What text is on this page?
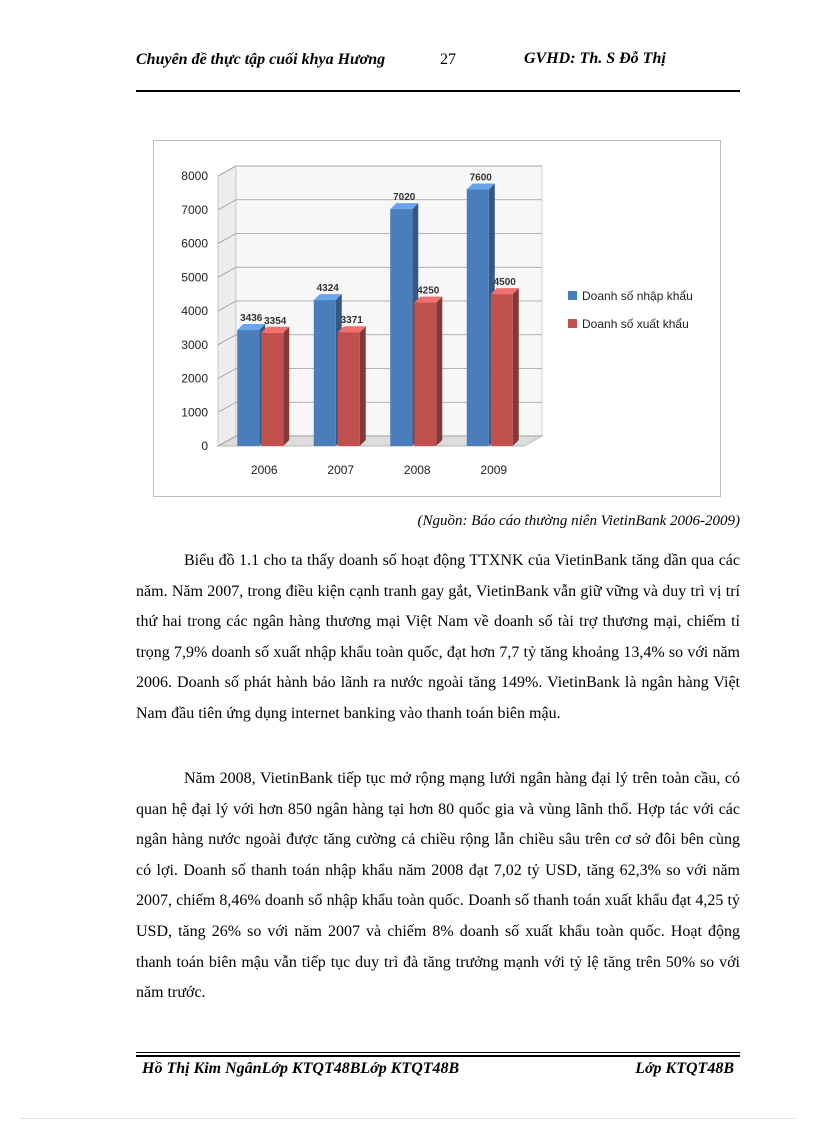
Chuyên đề thực tập cuối khya Hương	27	GVHD: Th. S Đỗ Thị
0
1000
2000
3000
4000
5000
6000
7000
8000
3436 3354
2006
4324
3371
2007
7020
4250
2008
7600
4500
2009
Doanh số nhập khẩu
Doanh số xuất khẩu
(Nguồn: Báo cáo thường niên VietinBank 2006-2009)

Biểu đồ 1.1 cho ta thấy doanh số hoạt động TTXNK của VietinBank tăng dần qua các năm. Năm 2007, trong điều kiện cạnh tranh gay gắt, VietinBank vẫn giữ vững và duy trì vị trí thứ hai trong các ngân hàng thương mại Việt Nam về doanh số tài trợ thương mại, chiếm tỉ trọng 7,9% doanh số xuất nhập khẩu toàn quốc, đạt hơn 7,7 tỷ tăng khoảng 13,4% so với năm 2006. Doanh số phát hành bảo lãnh ra nước ngoài tăng 149%. VietinBank là ngân hàng Việt Nam đầu tiên ứng dụng internet banking vào thanh toán biên mậu.

Năm 2008, VietinBank tiếp tục mở rộng mạng lưới ngân hàng đại lý trên toàn cầu, có quan hệ đại lý với hơn 850 ngân hàng tại hơn 80 quốc gia và vùng lãnh thổ. Hợp tác với các ngân hàng nước ngoài được tăng cường cả chiều rộng lẫn chiều sâu trên cơ sở đôi bên cùng có lợi. Doanh số thanh toán nhập khẩu năm 2008 đạt 7,02 tỷ USD, tăng 62,3% so với năm 2007, chiếm 8,46% doanh số nhập khẩu toàn quốc. Doanh số thanh toán xuất khẩu đạt 4,25 tỷ USD, tăng 26% so với năm 2007 và chiếm 8% doanh số xuất khẩu toàn quốc. Hoạt động thanh toán biên mậu vẫn tiếp tục duy trì đà tăng trưởng mạnh với tỷ lệ tăng trên 50% so với năm trước.

Hồ Thị Kim NgânLớp KTQT48BLớp KTQT48B	Lớp KTQT48B
